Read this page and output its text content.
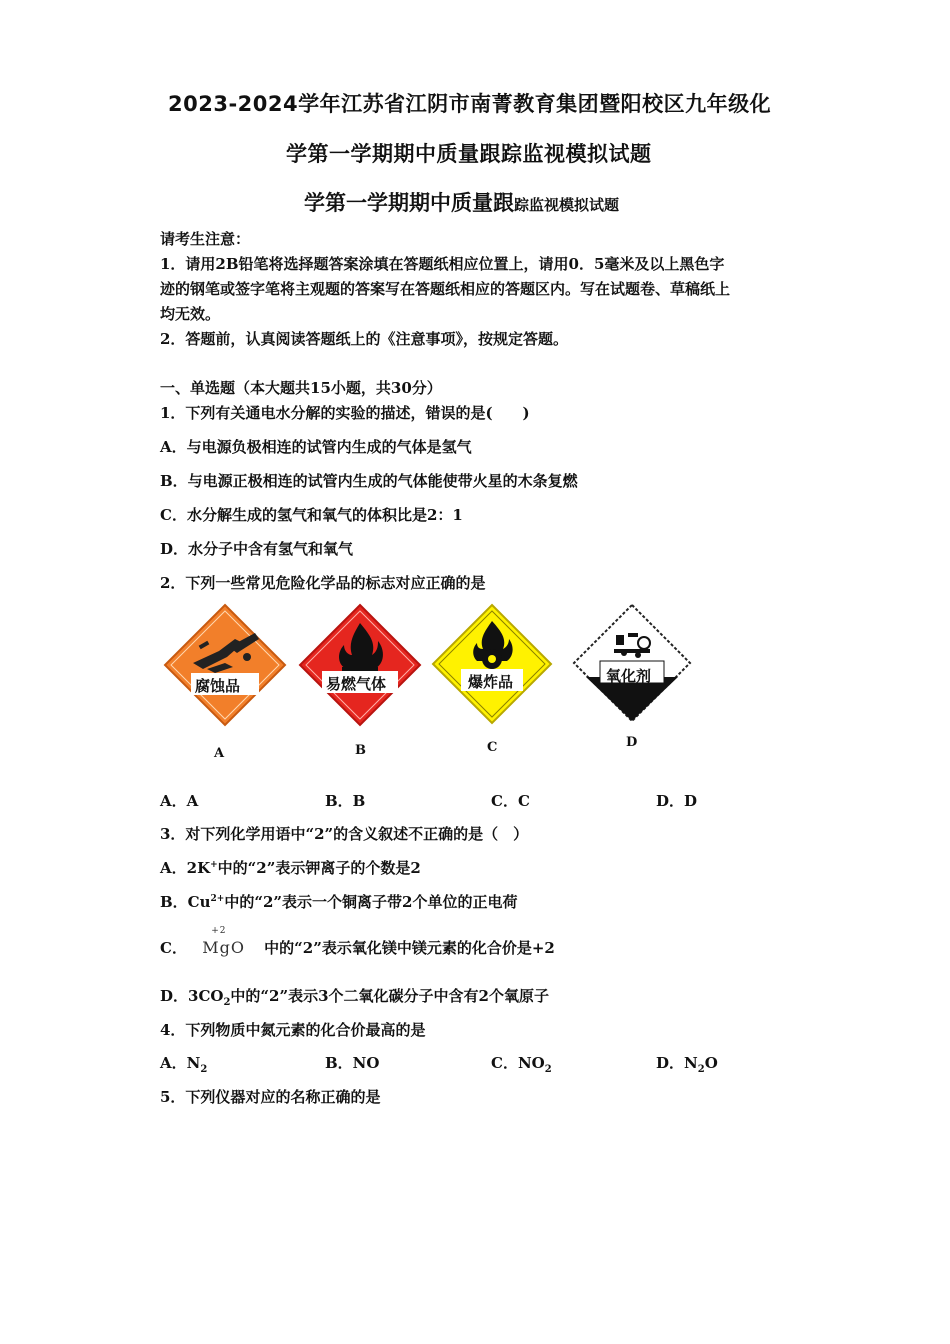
2023-2024学年江苏省江阴市南菁教育集团暨阳校区九年级化
学第一学期期中质量跟踪监视模拟试题
学第一学期期中质量跟踪监视模拟试题
请考生注意：
1．请用2B铅笔将选择题答案涂填在答题纸相应位置上，请用0．5毫米及以上黑色字
迹的钢笔或签字笔将主观题的答案写在答题纸相应的答题区内。写在试题卷、草稿纸上
均无效。
2．答题前，认真阅读答题纸上的《注意事项》，按规定答题。
一、单选题（本大题共15小题，共30分）
1．下列有关通电水分解的实验的描述，错误的是(　　)
A．与电源负极相连的试管内生成的气体是氢气
B．与电源正极相连的试管内生成的气体能使带火星的木条复燃
C．水分解生成的氢气和氧气的体积比是2：1
D．水分子中含有氢气和氧气
2．下列一些常见危险化学品的标志对应正确的是
腐蚀品	易燃气体	爆炸品	氧化剂
A	B	C	D
A．A	B．B	C．C	D．D
3．对下列化学用语中“2”的含义叙述不正确的是（　）
A．2K+中的“2”表示钾离子的个数是2
B．$Cu^{2+}$中的“2”表示一个铜离子带2个单位的正电荷
C．
+2
MgO 中的“2”表示氧化镁中镁元素的化合价是+2
D．$3CO_2$中的“2”表示3个二氧化碳分子中含有2个氧原子
4．下列物质中氮元素的化合价最高的是
A．$N_2$	B．NO	C．$NO_2$	D．$N_2O$
5．下列仪器对应的名称正确的是
